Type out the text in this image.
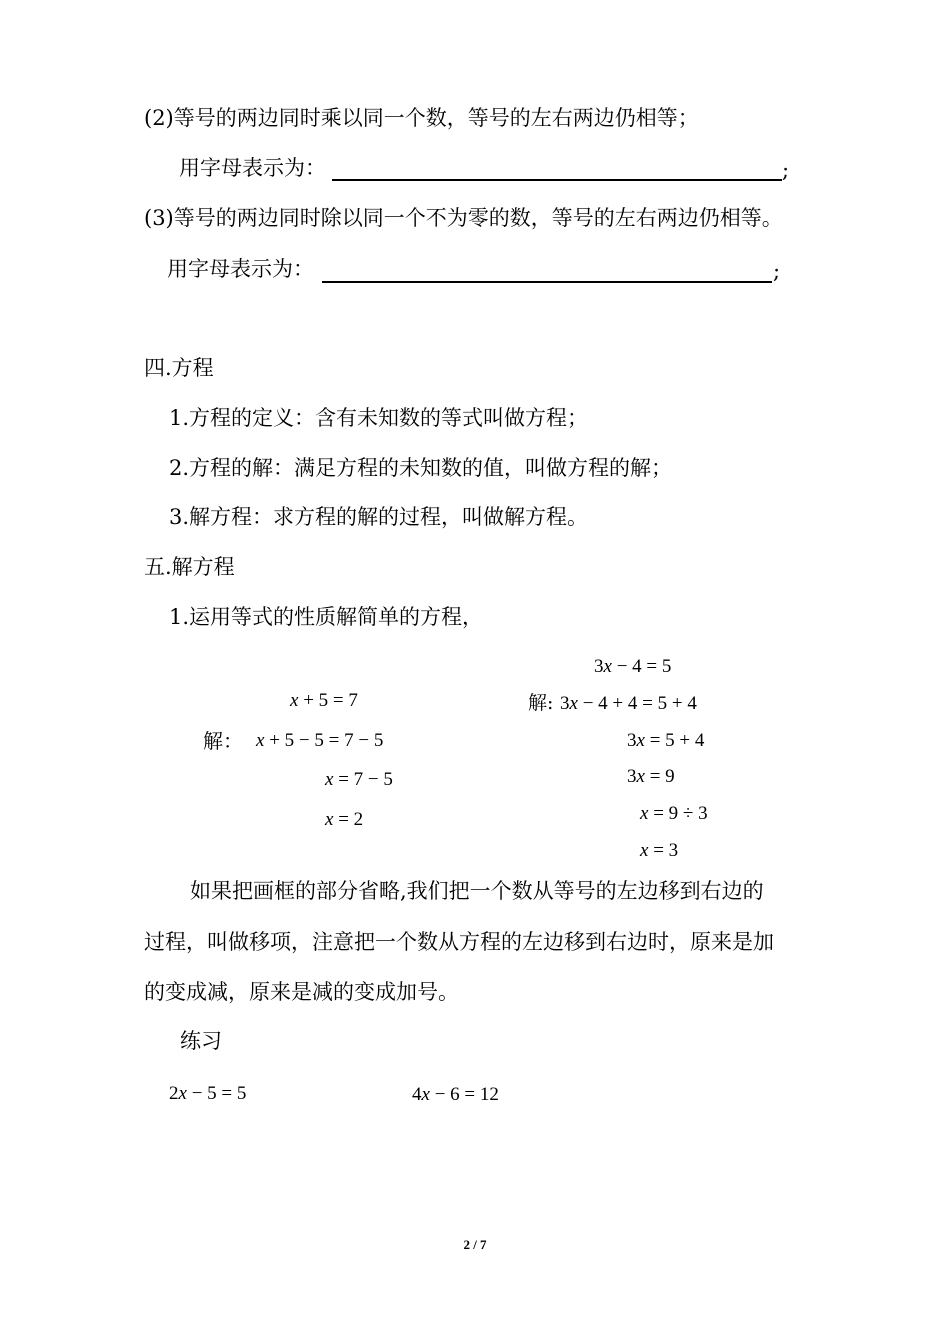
(2)等号的两边同时乘以同一个数，等号的左右两边仍相等；
用字母表示为：	;
(3)等号的两边同时除以同一个不为零的数，等号的左右两边仍相等。
用字母表示为：	;
四.方程
1.方程的定义：含有未知数的等式叫做方程；
2.方程的解：满足方程的未知数的值，叫做方程的解；
3.解方程：求方程的解的过程，叫做解方程。
五.解方程
1.运用等式的性质解简单的方程，
x + 5 = 7
解： x + 5 − 5 = 7 − 5
x = 7 − 5
x = 2
3x − 4 = 5
解: 3x − 4 + 4 = 5 + 4
3x = 5 + 4
3x = 9
x = 9 ÷ 3
x = 3
如果把画框的部分省略,我们把一个数从等号的左边移到右边的
过程，叫做移项，注意把一个数从方程的左边移到右边时，原来是加
的变成减，原来是减的变成加号。
练习
2x − 5 = 5	4x − 6 = 12
2 / 7
